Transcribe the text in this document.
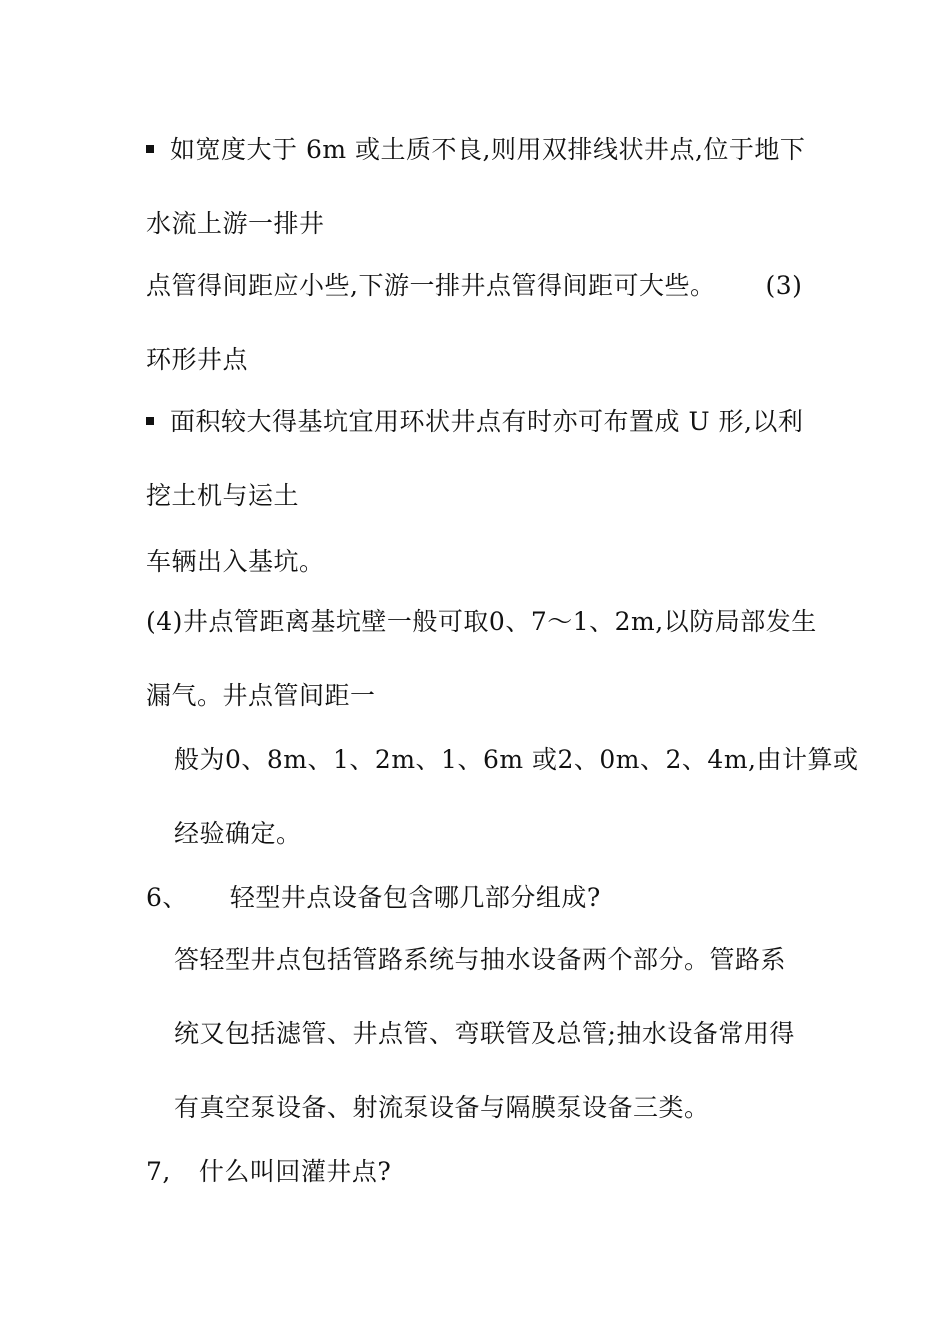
如宽度大于 6m 或土质不良,则用双排线状井点,位于地下
水流上游一排井
点管得间距应小些,下游一排井点管得间距可大些。 (3)
环形井点
面积较大得基坑宜用环状井点有时亦可布置成 U 形,以利
挖土机与运土
车辆出入基坑。
(4)井点管距离基坑壁一般可取0、7～1、2m,以防局部发生
漏气。井点管间距一
般为0、8m、1、2m、1、6m 或2、0m、2、4m,由计算或
经验确定。
6、 轻型井点设备包含哪几部分组成?
答轻型井点包括管路系统与抽水设备两个部分。管路系
统又包括滤管、井点管、弯联管及总管;抽水设备常用得
有真空泵设备、射流泵设备与隔膜泵设备三类。
7, 什么叫回灌井点?
